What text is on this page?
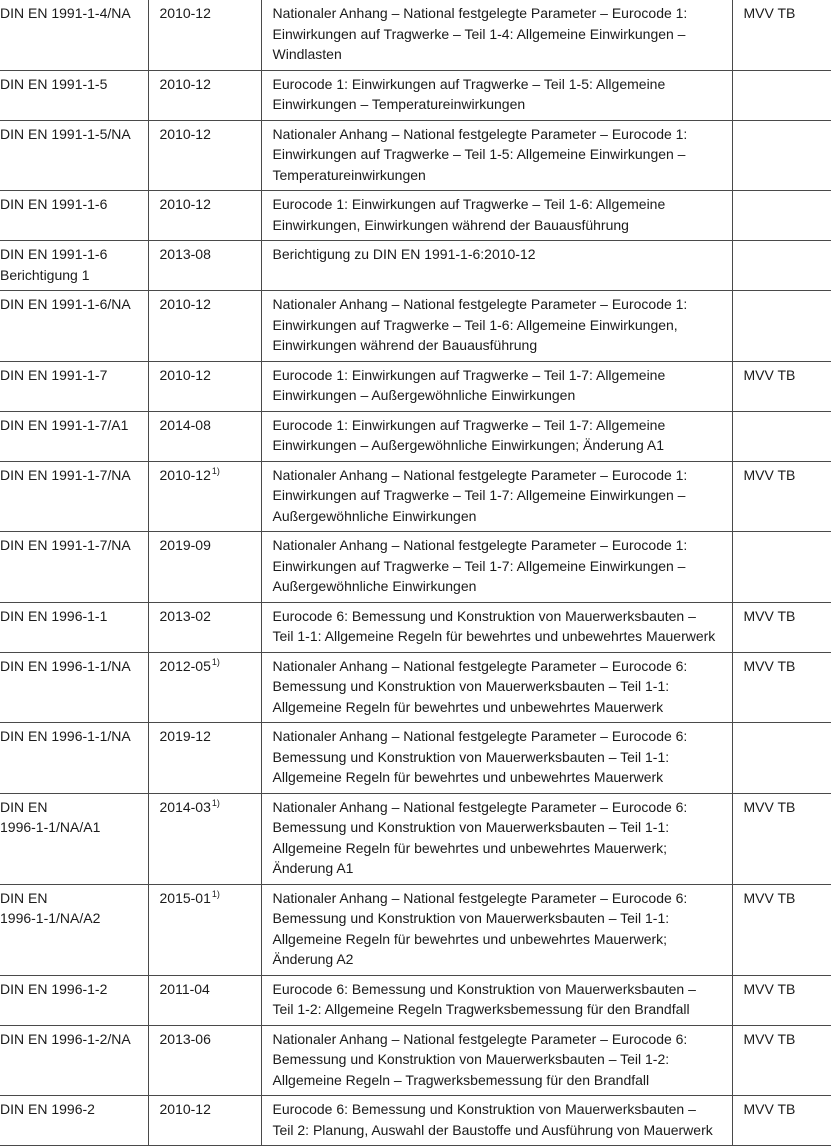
DIN EN 1991-1-4/NA	2010-12	Nationaler Anhang – National festgelegte Parameter – Eurocode 1:
Einwirkungen auf Tragwerke – Teil 1-4: Allgemeine Einwirkungen –
Windlasten	MVV TB

DIN EN 1991-1-5	2010-12	Eurocode 1: Einwirkungen auf Tragwerke – Teil 1-5: Allgemeine
Einwirkungen – Temperatureinwirkungen	

DIN EN 1991-1-5/NA	2010-12	Nationaler Anhang – National festgelegte Parameter – Eurocode 1:
Einwirkungen auf Tragwerke – Teil 1-5: Allgemeine Einwirkungen –
Temperatureinwirkungen	

DIN EN 1991-1-6	2010-12	Eurocode 1: Einwirkungen auf Tragwerke – Teil 1-6: Allgemeine
Einwirkungen, Einwirkungen während der Bauausführung	

DIN EN 1991-1-6
Berichtigung 1	2013-08	Berichtigung zu DIN EN 1991-1-6:2010-12	

DIN EN 1991-1-6/NA	2010-12	Nationaler Anhang – National festgelegte Parameter – Eurocode 1:
Einwirkungen auf Tragwerke – Teil 1-6: Allgemeine Einwirkungen,
Einwirkungen während der Bauausführung	

DIN EN 1991-1-7	2010-12	Eurocode 1: Einwirkungen auf Tragwerke – Teil 1-7: Allgemeine
Einwirkungen – Außergewöhnliche Einwirkungen	MVV TB

DIN EN 1991-1-7/A1	2014-08	Eurocode 1: Einwirkungen auf Tragwerke – Teil 1-7: Allgemeine
Einwirkungen – Außergewöhnliche Einwirkungen; Änderung A1	

DIN EN 1991-1-7/NA	2010-12$^{1)}$	Nationaler Anhang – National festgelegte Parameter – Eurocode 1:
Einwirkungen auf Tragwerke – Teil 1-7: Allgemeine Einwirkungen –
Außergewöhnliche Einwirkungen	MVV TB

DIN EN 1991-1-7/NA	2019-09	Nationaler Anhang – National festgelegte Parameter – Eurocode 1:
Einwirkungen auf Tragwerke – Teil 1-7: Allgemeine Einwirkungen –
Außergewöhnliche Einwirkungen	

DIN EN 1996-1-1	2013-02	Eurocode 6: Bemessung und Konstruktion von Mauerwerksbauten –
Teil 1-1: Allgemeine Regeln für bewehrtes und unbewehrtes Mauerwerk	MVV TB

DIN EN 1996-1-1/NA	2012-05$^{1)}$	Nationaler Anhang – National festgelegte Parameter – Eurocode 6:
Bemessung und Konstruktion von Mauerwerksbauten – Teil 1-1:
Allgemeine Regeln für bewehrtes und unbewehrtes Mauerwerk	MVV TB

DIN EN 1996-1-1/NA	2019-12	Nationaler Anhang – National festgelegte Parameter – Eurocode 6:
Bemessung und Konstruktion von Mauerwerksbauten – Teil 1-1:
Allgemeine Regeln für bewehrtes und unbewehrtes Mauerwerk	

DIN EN
1996-1-1/NA/A1	2014-03$^{1)}$	Nationaler Anhang – National festgelegte Parameter – Eurocode 6:
Bemessung und Konstruktion von Mauerwerksbauten – Teil 1-1:
Allgemeine Regeln für bewehrtes und unbewehrtes Mauerwerk;
Änderung A1	MVV TB

DIN EN
1996-1-1/NA/A2	2015-01$^{1)}$	Nationaler Anhang – National festgelegte Parameter – Eurocode 6:
Bemessung und Konstruktion von Mauerwerksbauten – Teil 1-1:
Allgemeine Regeln für bewehrtes und unbewehrtes Mauerwerk;
Änderung A2	MVV TB

DIN EN 1996-1-2	2011-04	Eurocode 6: Bemessung und Konstruktion von Mauerwerksbauten –
Teil 1-2: Allgemeine Regeln Tragwerksbemessung für den Brandfall	MVV TB

DIN EN 1996-1-2/NA	2013-06	Nationaler Anhang – National festgelegte Parameter – Eurocode 6:
Bemessung und Konstruktion von Mauerwerksbauten – Teil 1-2:
Allgemeine Regeln – Tragwerksbemessung für den Brandfall	MVV TB

DIN EN 1996-2	2010-12	Eurocode 6: Bemessung und Konstruktion von Mauerwerksbauten –
Teil 2: Planung, Auswahl der Baustoffe und Ausführung von Mauerwerk	MVV TB
